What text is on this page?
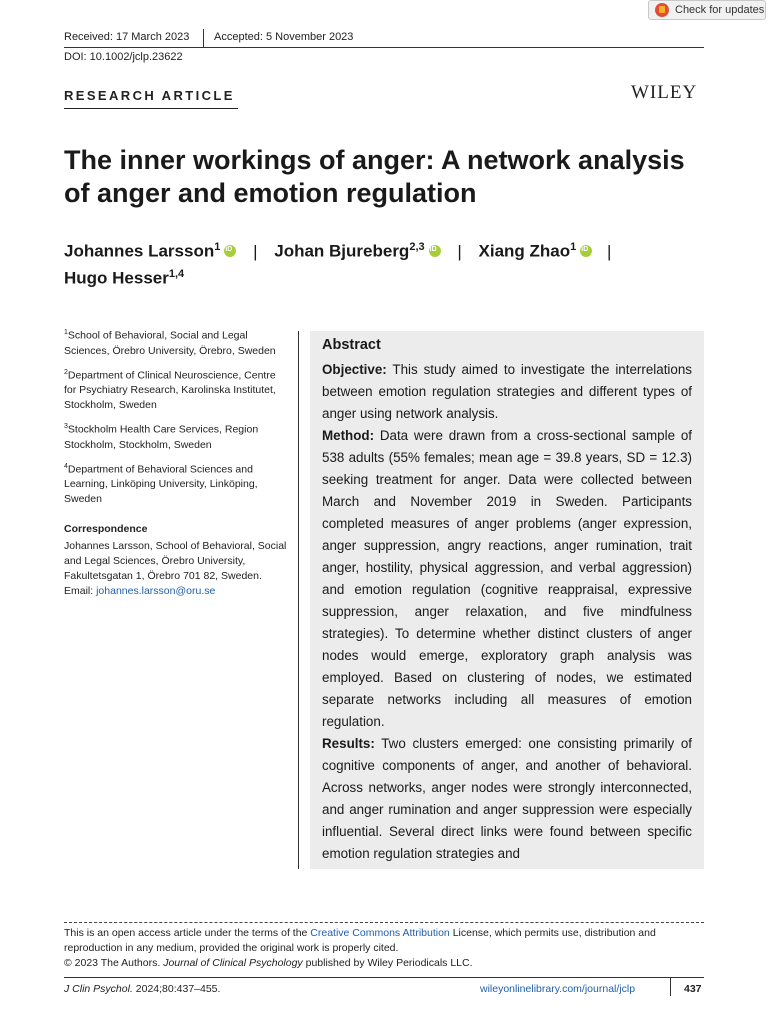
Received: 17 March 2023 Accepted: 5 November 2023
DOI: 10.1002/jclp.23622
Check for updates
RESEARCH ARTICLE	WILEY
The inner workings of anger: A network analysis
of anger and emotion regulation
Johannes Larsson$^1$ iD | Johan Bjureberg$^{2,3}$ iD | Xiang Zhao$^1$ iD |
Hugo Hesser$^{1,4}$
$^1$School of Behavioral, Social and Legal Sciences, Örebro University, Örebro, Sweden
$^2$Department of Clinical Neuroscience, Centre for Psychiatry Research, Karolinska Institutet, Stockholm, Sweden
$^3$Stockholm Health Care Services, Region Stockholm, Stockholm, Sweden
$^4$Department of Behavioral Sciences and Learning, Linköping University, Linköping, Sweden
Correspondence
Johannes Larsson, School of Behavioral, Social and Legal Sciences, Örebro University, Fakultetsgatan 1, Örebro 701 82, Sweden. Email: johannes.larsson@oru.se
Abstract

Objective: This study aimed to investigate the interrelations between emotion regulation strategies and different types of anger using network analysis.

Method: Data were drawn from a cross-sectional sample of 538 adults (55% females; mean age = 39.8 years, SD = 12.3) seeking treatment for anger. Data were collected between March and November 2019 in Sweden. Participants completed measures of anger problems (anger expression, anger suppression, angry reactions, anger rumination, trait anger, hostility, physical aggression, and verbal aggression) and emotion regulation (cognitive reappraisal, expressive suppression, anger relaxation, and five mindfulness strategies). To determine whether distinct clusters of anger nodes would emerge, exploratory graph analysis was employed. Based on clustering of nodes, we estimated separate networks including all measures of emotion regulation.

Results: Two clusters emerged: one consisting primarily of cognitive components of anger, and another of behavioral. Across networks, anger nodes were strongly interconnected, and anger rumination and anger suppression were especially influential. Several direct links were found between specific emotion regulation strategies and

This is an open access article under the terms of the Creative Commons Attribution License, which permits use, distribution and reproduction in any medium, provided the original work is properly cited.
© 2023 The Authors. Journal of Clinical Psychology published by Wiley Periodicals LLC.
J Clin Psychol. 2024;80:437–455.	wileyonlinelibrary.com/journal/jclp	437
